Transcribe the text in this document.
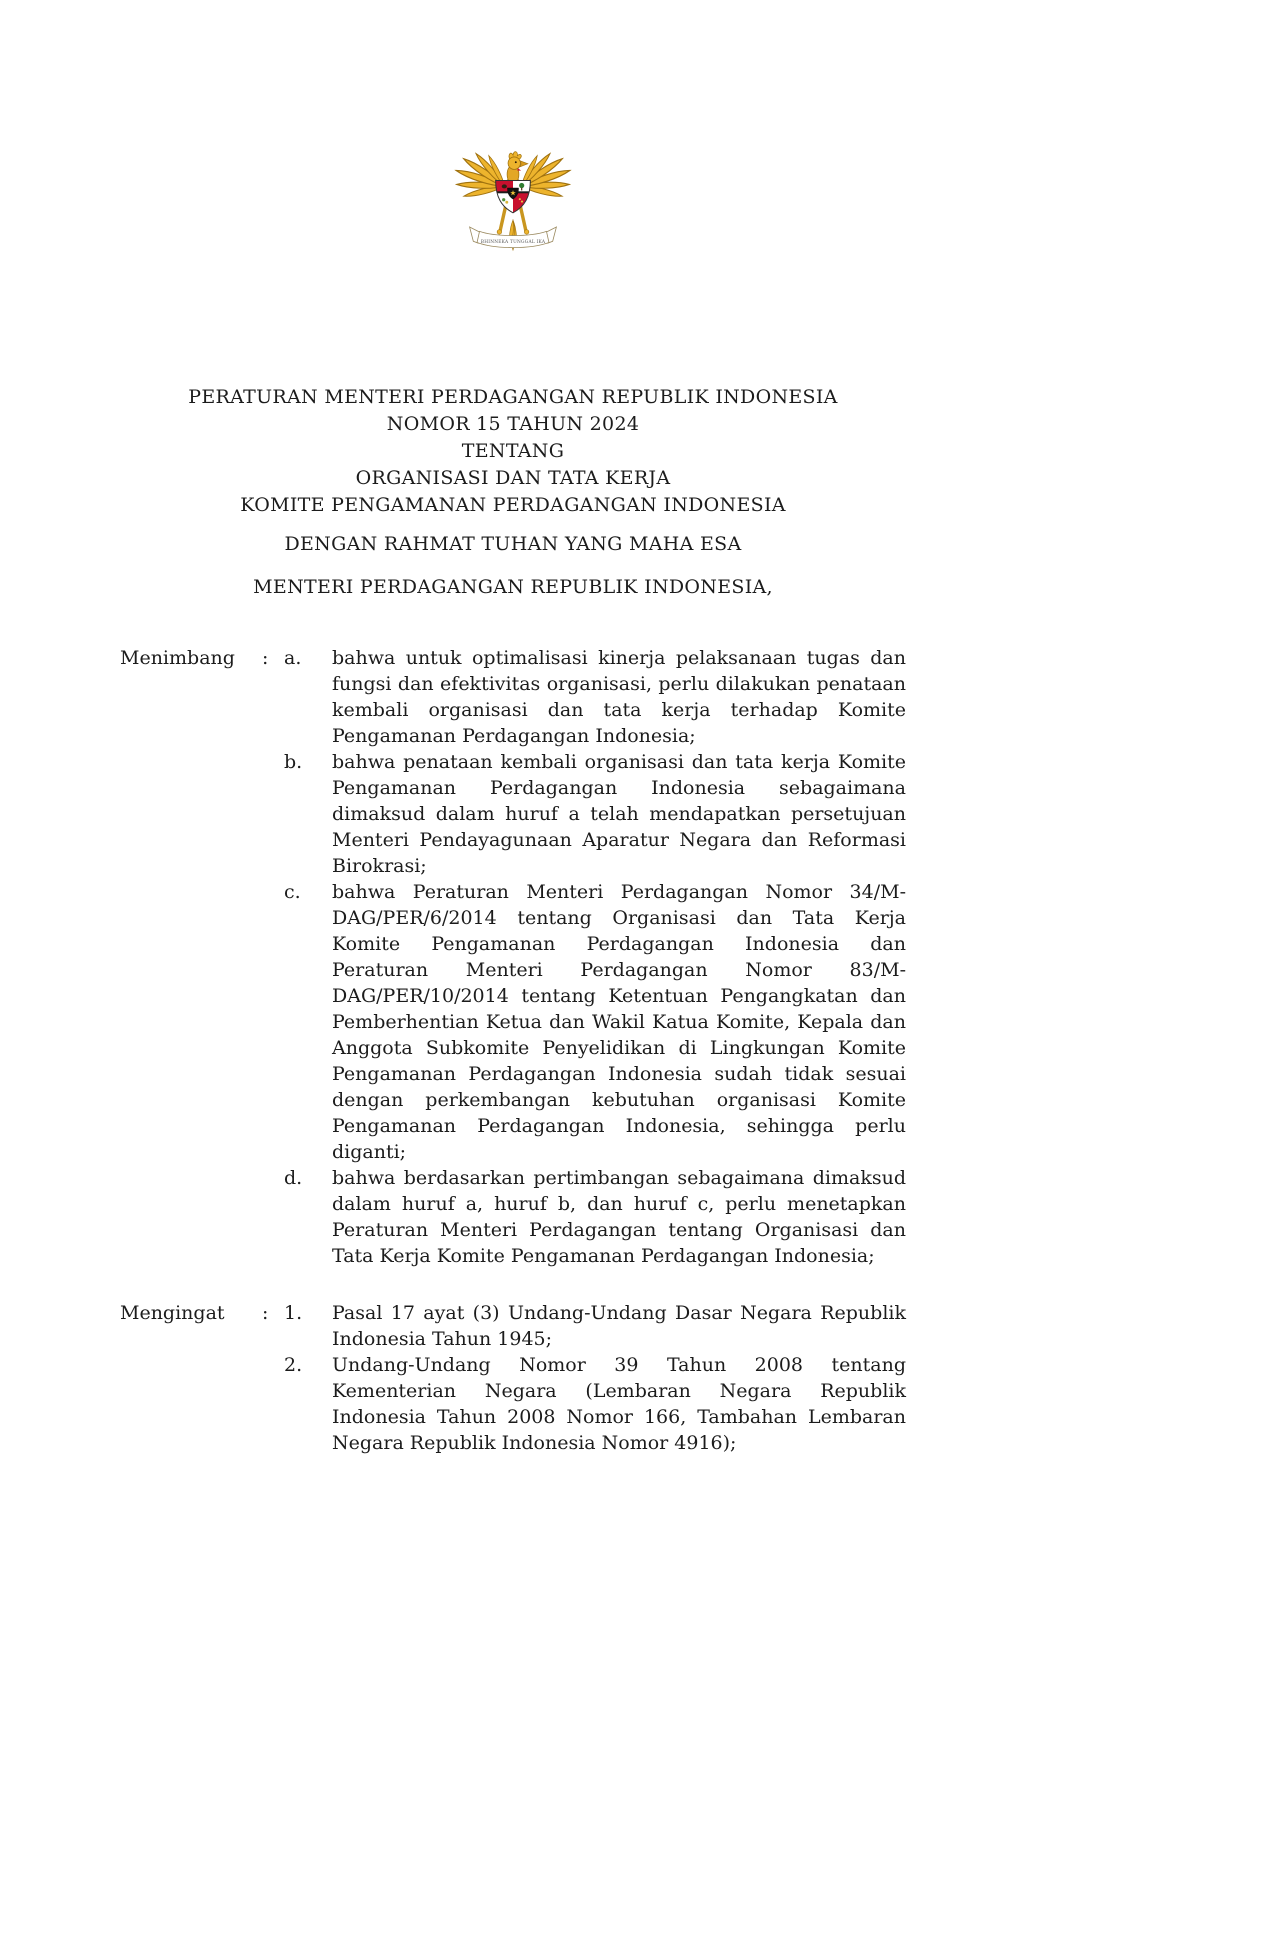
BHINNEKA TUNGGAL IKA
PERATURAN MENTERI PERDAGANGAN REPUBLIK INDONESIA
NOMOR 15 TAHUN 2024
TENTANG
ORGANISASI DAN TATA KERJA
KOMITE PENGAMANAN PERDAGANGAN INDONESIA
DENGAN RAHMAT TUHAN YANG MAHA ESA
MENTERI PERDAGANGAN REPUBLIK INDONESIA,
Menimbang	: a.	bahwa untuk optimalisasi kinerja pelaksanaan tugas dan fungsi dan efektivitas organisasi, perlu dilakukan penataan kembali organisasi dan tata kerja terhadap Komite Pengamanan Perdagangan Indonesia;
b.	bahwa penataan kembali organisasi dan tata kerja Komite Pengamanan Perdagangan Indonesia sebagaimana dimaksud dalam huruf a telah mendapatkan persetujuan Menteri Pendayagunaan Aparatur Negara dan Reformasi Birokrasi;
c.	bahwa Peraturan Menteri Perdagangan Nomor 34/M-DAG/PER/6/2014 tentang Organisasi dan Tata Kerja Komite Pengamanan Perdagangan Indonesia dan Peraturan Menteri Perdagangan Nomor 83/M-DAG/PER/10/2014 tentang Ketentuan Pengangkatan dan Pemberhentian Ketua dan Wakil Katua Komite, Kepala dan Anggota Subkomite Penyelidikan di Lingkungan Komite Pengamanan Perdagangan Indonesia sudah tidak sesuai dengan perkembangan kebutuhan organisasi Komite Pengamanan Perdagangan Indonesia, sehingga perlu diganti;
d.	bahwa berdasarkan pertimbangan sebagaimana dimaksud dalam huruf a, huruf b, dan huruf c, perlu menetapkan Peraturan Menteri Perdagangan tentang Organisasi dan Tata Kerja Komite Pengamanan Perdagangan Indonesia;
Mengingat	: 1.	Pasal 17 ayat (3) Undang-Undang Dasar Negara Republik Indonesia Tahun 1945;
2.	Undang-Undang Nomor 39 Tahun 2008 tentang Kementerian Negara (Lembaran Negara Republik Indonesia Tahun 2008 Nomor 166, Tambahan Lembaran Negara Republik Indonesia Nomor 4916);
